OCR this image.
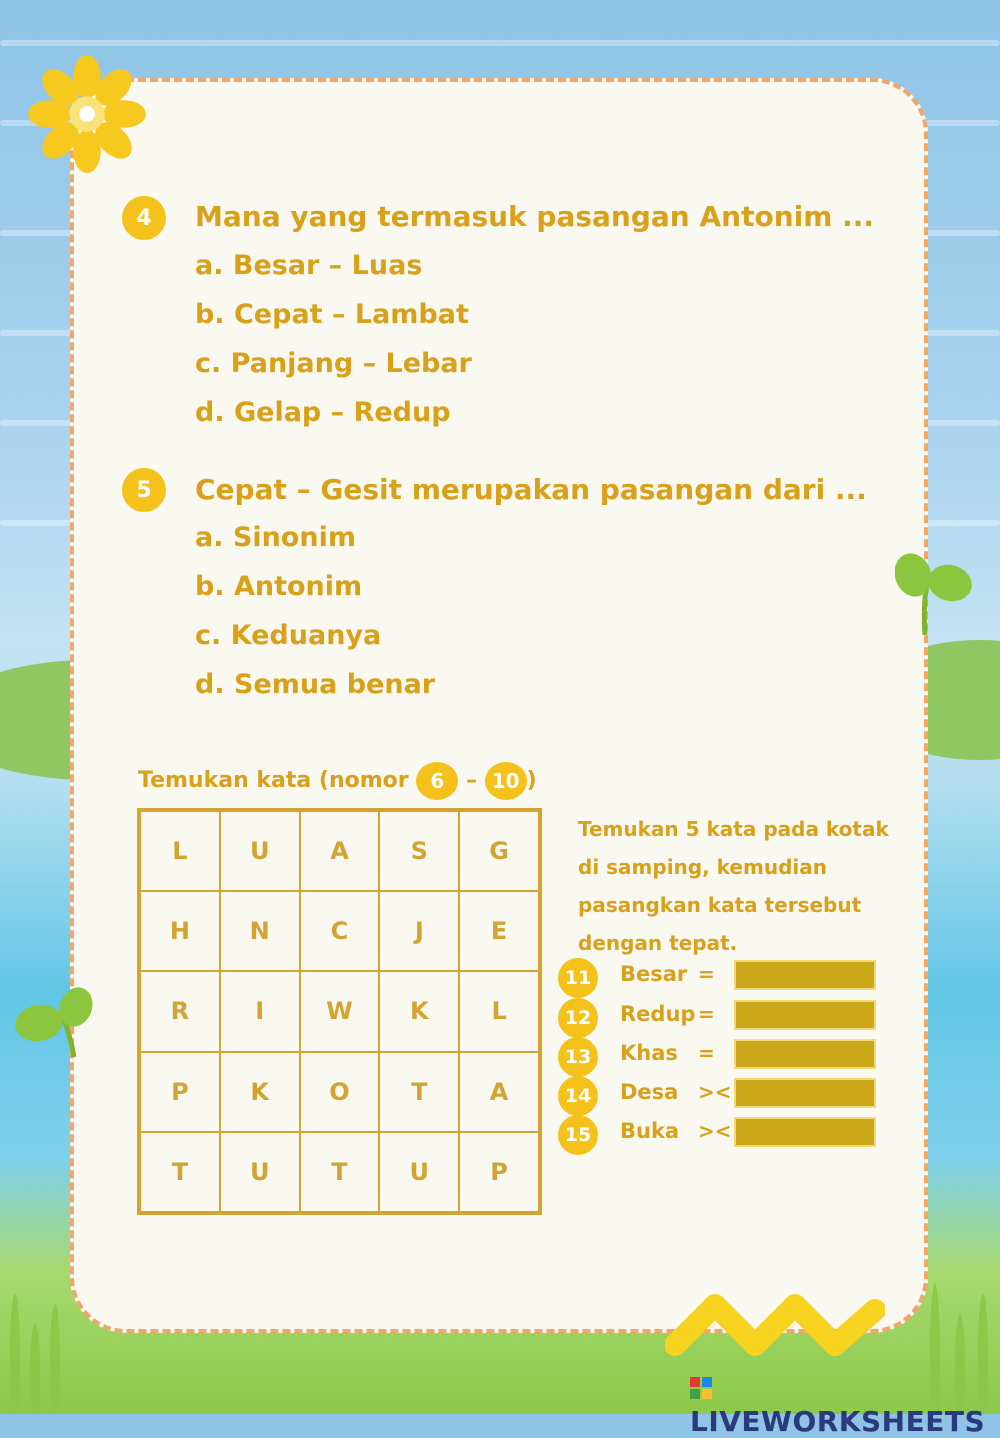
4	Mana yang termasuk pasangan Antonim ...
a. Besar – Luas
b. Cepat – Lambat
c. Panjang – Lebar
d. Gelap – Redup
5	Cepat – Gesit merupakan pasangan dari ...
a. Sinonim
b. Antonim
c. Keduanya
d. Semua benar
Temukan kata (nomor 6 – 10 )
L	U	A	S	G
H	N	C	J	E
R	I	W	K	L
P	K	O	T	A
T	U	T	U	P
Temukan 5 kata pada kotak di samping, kemudian pasangkan kata tersebut dengan tepat.
11	Besar =
12	Redup =
13	Khas	=
14	Desa ><
15	Buka ><
LIVEWORKSHEETS
